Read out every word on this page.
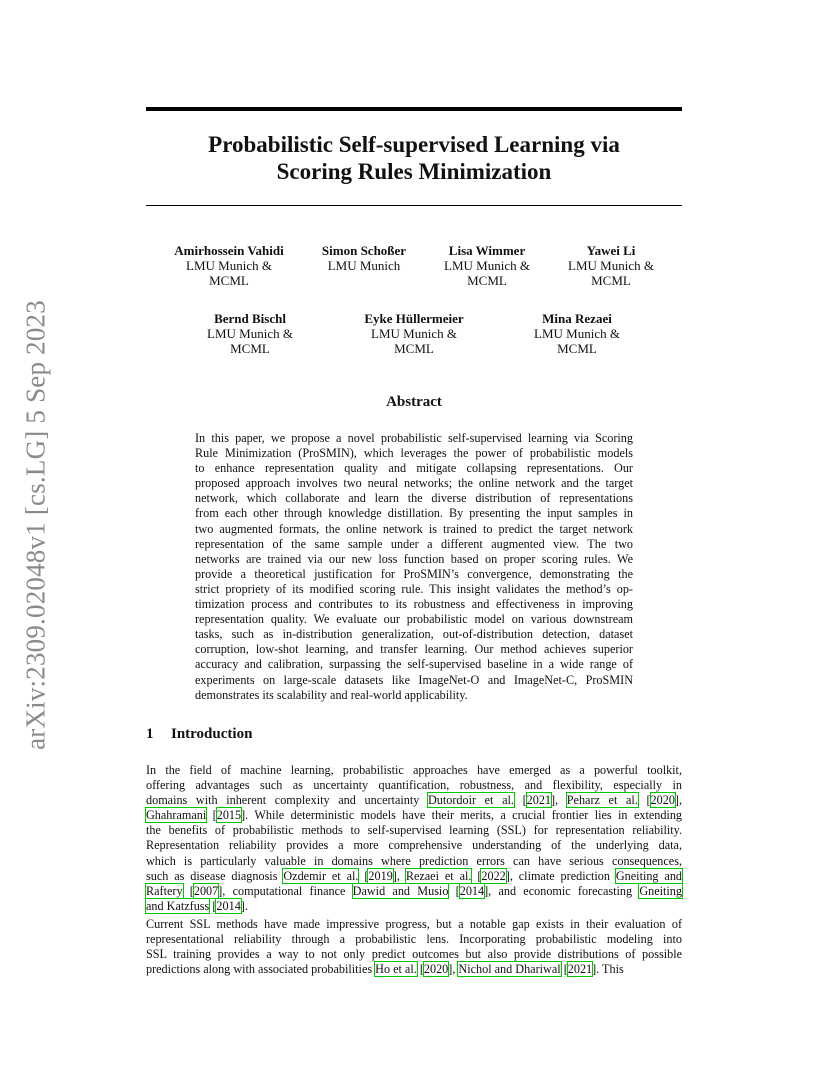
arXiv:2309.02048v1 [cs.LG] 5 Sep 2023
Probabilistic Self-supervised Learning via
Scoring Rules Minimization
Amirhossein Vahidi
LMU Munich &
MCML
Simon Schoßer
LMU Munich
Lisa Wimmer
LMU Munich &
MCML
Yawei Li
LMU Munich &
MCML
Bernd Bischl
LMU Munich &
MCML
Eyke Hüllermeier
LMU Munich &
MCML
Mina Rezaei
LMU Munich &
MCML
Abstract
In this paper, we propose a novel probabilistic self-supervised learning via Scoring
Rule Minimization (ProSMIN), which leverages the power of probabilistic models
to enhance representation quality and mitigate collapsing representations. Our
proposed approach involves two neural networks; the online network and the target
network, which collaborate and learn the diverse distribution of representations
from each other through knowledge distillation. By presenting the input samples in
two augmented formats, the online network is trained to predict the target network
representation of the same sample under a different augmented view. The two
networks are trained via our new loss function based on proper scoring rules. We
provide a theoretical justification for ProSMIN’s convergence, demonstrating the
strict propriety of its modified scoring rule. This insight validates the method’s op-
timization process and contributes to its robustness and effectiveness in improving
representation quality. We evaluate our probabilistic model on various downstream
tasks, such as in-distribution generalization, out-of-distribution detection, dataset
corruption, low-shot learning, and transfer learning. Our method achieves superior
accuracy and calibration, surpassing the self-supervised baseline in a wide range of
experiments on large-scale datasets like ImageNet-O and ImageNet-C, ProSMIN
demonstrates its scalability and real-world applicability.
1 Introduction
In the field of machine learning, probabilistic approaches have emerged as a powerful toolkit,
offering advantages such as uncertainty quantification, robustness, and flexibility, especially in
domains with inherent complexity and uncertainty Dutordoir et al. [2021], Peharz et al. [2020],
Ghahramani [2015]. While deterministic models have their merits, a crucial frontier lies in extending
the benefits of probabilistic methods to self-supervised learning (SSL) for representation reliability.
Representation reliability provides a more comprehensive understanding of the underlying data,
which is particularly valuable in domains where prediction errors can have serious consequences,
such as disease diagnosis Ozdemir et al. [2019], Rezaei et al. [2022], climate prediction Gneiting and
Raftery [2007], computational finance Dawid and Musio [2014], and economic forecasting Gneiting
and Katzfuss [2014].
Current SSL methods have made impressive progress, but a notable gap exists in their evaluation of
representational reliability through a probabilistic lens. Incorporating probabilistic modeling into
SSL training provides a way to not only predict outcomes but also provide distributions of possible
predictions along with associated probabilities Ho et al. [2020], Nichol and Dhariwal [2021]. This
